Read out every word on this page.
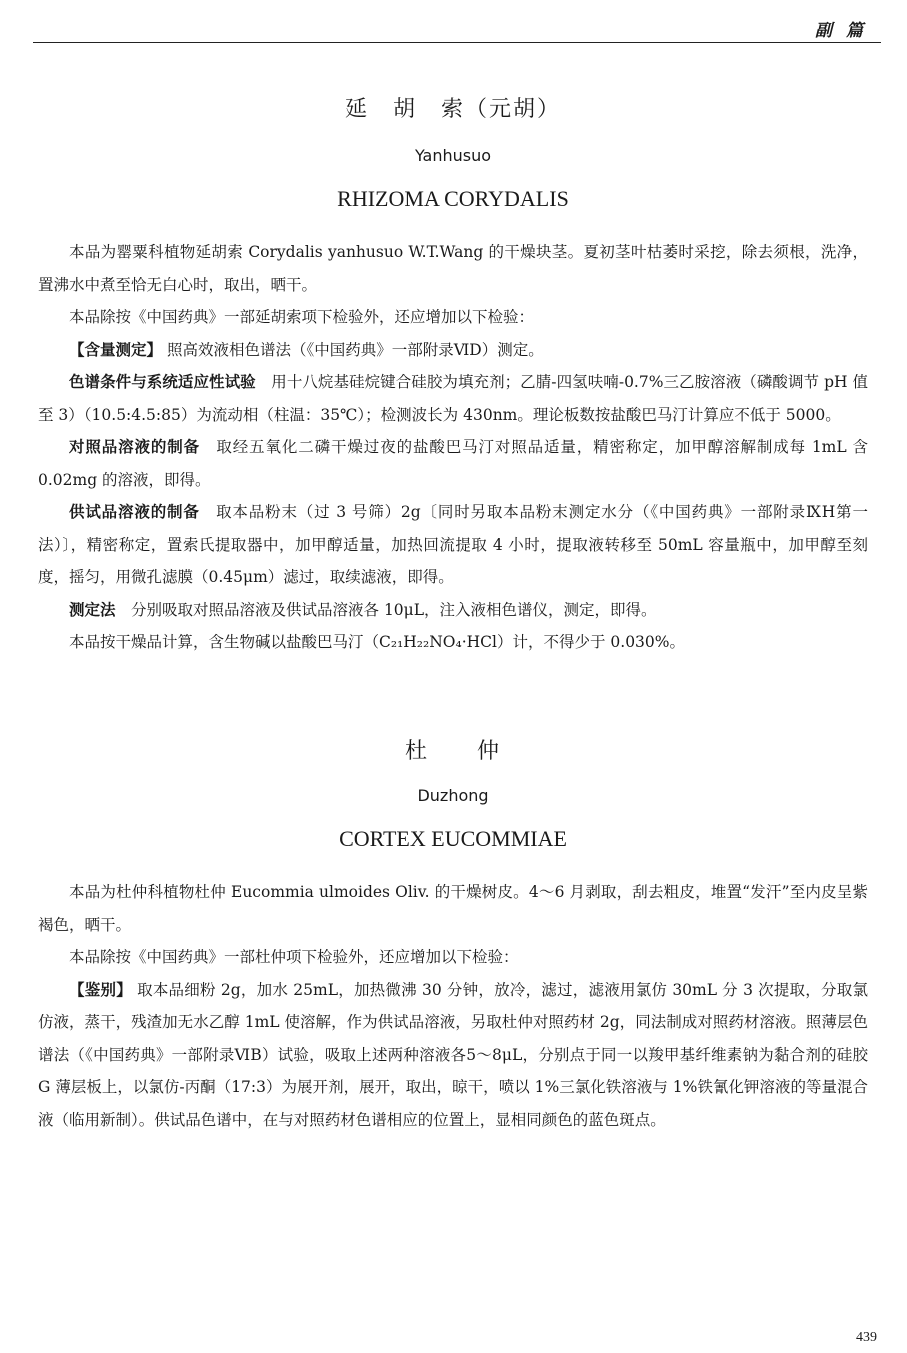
副篇
延　胡　索（元胡）
Yanhusuo
RHIZOMA CORYDALIS

本品为罂粟科植物延胡索 Corydalis yanhusuo W.T.Wang 的干燥块茎。夏初茎叶枯萎时采挖，除去须根，洗净，置沸水中煮至恰无白心时，取出，晒干。

本品除按《中国药典》一部延胡索项下检验外，还应增加以下检验：

【含量测定】 照高效液相色谱法（《中国药典》一部附录ⅥD）测定。

色谱条件与系统适应性试验　用十八烷基硅烷键合硅胶为填充剂；乙腈-四氢呋喃-0.7%三乙胺溶液（磷酸调节 pH 值至 3）（10.5:4.5:85）为流动相（柱温：35℃）；检测波长为 430nm。理论板数按盐酸巴马汀计算应不低于 5000。

对照品溶液的制备　取经五氧化二磷干燥过夜的盐酸巴马汀对照品适量，精密称定，加甲醇溶解制成每 1mL 含 0.02mg 的溶液，即得。

供试品溶液的制备　取本品粉末（过 3 号筛）2g〔同时另取本品粉末测定水分（《中国药典》一部附录ⅨH第一法）〕，精密称定，置索氏提取器中，加甲醇适量，加热回流提取 4 小时，提取液转移至 50mL 容量瓶中，加甲醇至刻度，摇匀，用微孔滤膜（0.45μm）滤过，取续滤液，即得。

测定法　分别吸取对照品溶液及供试品溶液各 10μL，注入液相色谱仪，测定，即得。

本品按干燥品计算，含生物碱以盐酸巴马汀（C₂₁H₂₂NO₄·HCl）计，不得少于 0.030%。

杜　　仲
Duzhong
CORTEX EUCOMMIAE

本品为杜仲科植物杜仲 Eucommia ulmoides Oliv. 的干燥树皮。4～6 月剥取，刮去粗皮，堆置“发汗”至内皮呈紫褐色，晒干。

本品除按《中国药典》一部杜仲项下检验外，还应增加以下检验：

【鉴别】 取本品细粉 2g，加水 25mL，加热微沸 30 分钟，放冷，滤过，滤液用氯仿 30mL 分 3 次提取，分取氯仿液，蒸干，残渣加无水乙醇 1mL 使溶解，作为供试品溶液，另取杜仲对照药材 2g，同法制成对照药材溶液。照薄层色谱法（《中国药典》一部附录ⅥB）试验，吸取上述两种溶液各5～8μL，分别点于同一以羧甲基纤维素钠为黏合剂的硅胶 G 薄层板上，以氯仿-丙酮（17:3）为展开剂，展开，取出，晾干，喷以 1%三氯化铁溶液与 1%铁氰化钾溶液的等量混合液（临用新制）。供试品色谱中，在与对照药材色谱相应的位置上，显相同颜色的蓝色斑点。

439
